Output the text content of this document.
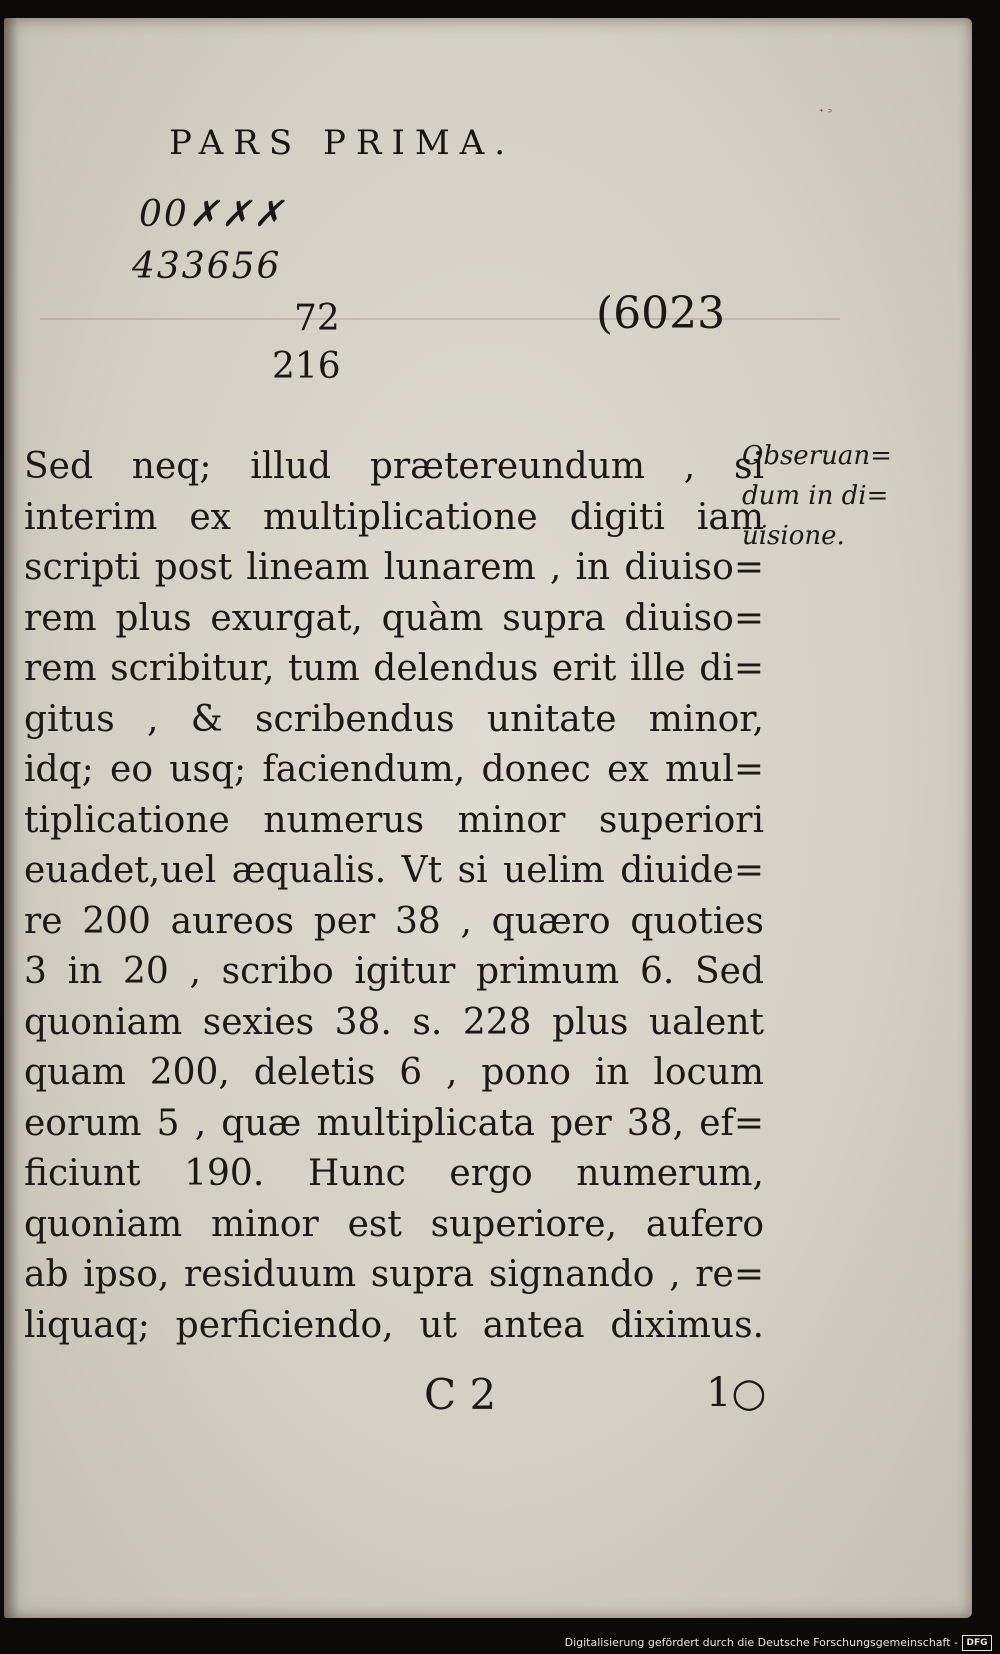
ᐩ ᐣ
PARS PRIMA.
00✗✗✗
433656
72
216
(6023
Sed neq; illud prætereundum , si
interim ex multiplicatione digiti iam
scripti post lineam lunarem , in diuiso=
rem plus exurgat, quàm supra diuiso=
rem scribitur, tum delendus erit ille di=
gitus , & scribendus unitate minor,
idq; eo usq; faciendum, donec ex mul=
tiplicatione numerus minor superiori
euadet,uel æqualis. Vt si uelim diuide=
re 200 aureos per 38 , quæro quoties
3 in 20 , scribo igitur primum 6. Sed
quoniam sexies 38. s. 228 plus ualent
quam 200, deletis 6 , pono in locum
eorum 5 , quæ multiplicata per 38, ef=
ficiunt 190. Hunc ergo numerum,
quoniam minor est superiore, aufero
ab ipso, residuum supra signando , re=
liquaq; perficiendo, ut antea diximus.
Obseruan=
dum in di=
uisione.
C 2	1○
Digitalisierung gefördert durch die Deutsche Forschungsgemeinschaft - DFG
